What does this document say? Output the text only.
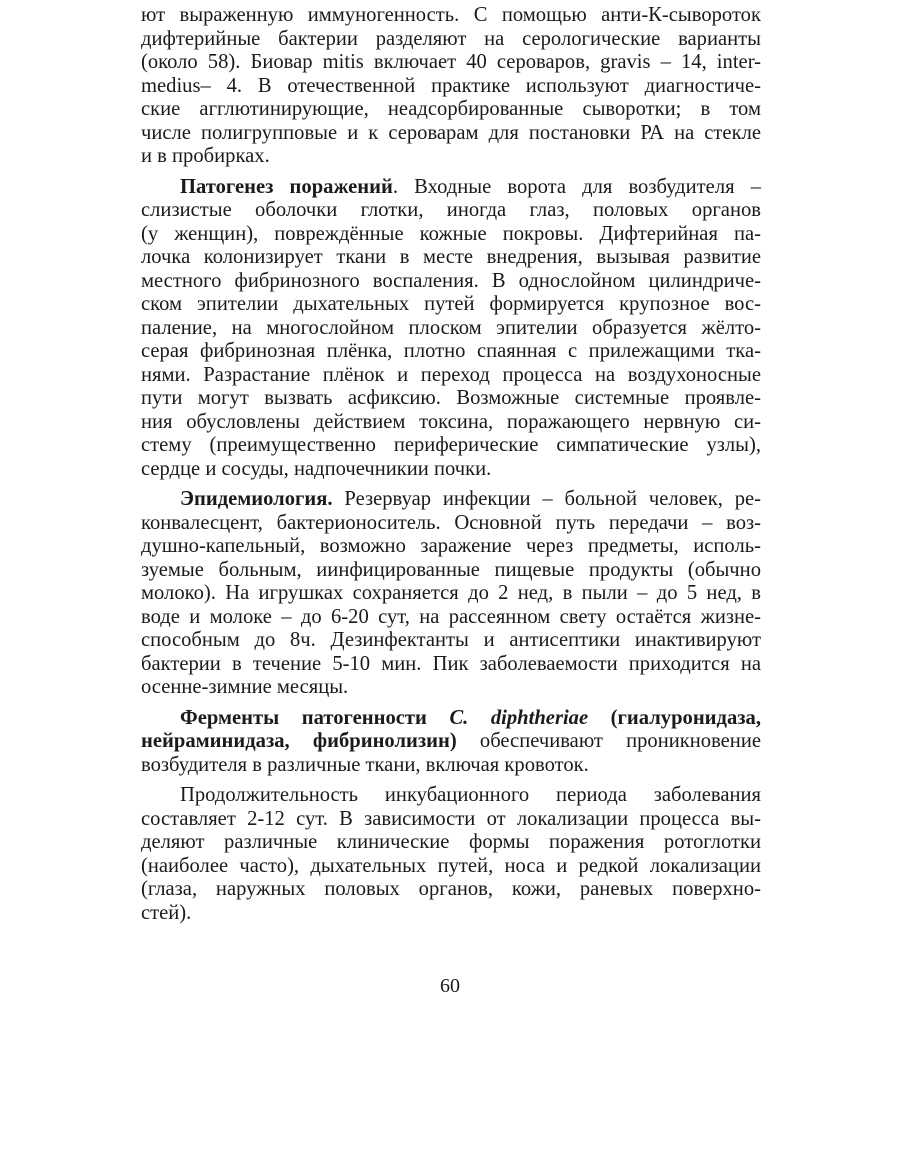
ют выраженную иммуногенность. С помощью анти-К-сывороток
дифтерийные бактерии разделяют на серологические варианты
(около 58). Биовар mitis включает 40 сероваров, gravis – 14, inter-
medius– 4. В отечественной практике используют диагностиче-
ские агглютинирующие, неадсорбированные сыворотки; в том
числе полигрупповые и к сероварам для постановки РА на стекле
и в пробирках.

Патогенез поражений. Входные ворота для возбудителя –
слизистые оболочки глотки, иногда глаз, половых органов
(у женщин), повреждённые кожные покровы. Дифтерийная па-
лочка колонизирует ткани в месте внедрения, вызывая развитие
местного фибринозного воспаления. В однослойном цилиндриче-
ском эпителии дыхательных путей формируется крупозное вос-
паление, на многослойном плоском эпителии образуется жёлто-
серая фибринозная плёнка, плотно спаянная с прилежащими тка-
нями. Разрастание плёнок и переход процесса на воздухоносные
пути могут вызвать асфиксию. Возможные системные проявле-
ния обусловлены действием токсина, поражающего нервную си-
стему (преимущественно периферические симпатические узлы),
сердце и сосуды, надпочечникии почки.

Эпидемиология. Резервуар инфекции – больной человек, ре-
конвалесцент, бактерионоситель. Основной путь передачи – воз-
душно-капельный, возможно заражение через предметы, исполь-
зуемые больным, иинфицированные пищевые продукты (обычно
молоко). На игрушках сохраняется до 2 нед, в пыли – до 5 нед, в
воде и молоке – до 6-20 сут, на рассеянном свету остаётся жизне-
способным до 8ч. Дезинфектанты и антисептики инактивируют
бактерии в течение 5-10 мин. Пик заболеваемости приходится на
осенне-зимние месяцы.

Ферменты патогенности C. diphtheriae (гиалуронидаза,
нейраминидаза, фибринолизин) обеспечивают проникновение
возбудителя в различные ткани, включая кровоток.

Продолжительность инкубационного периода заболевания
составляет 2-12 сут. В зависимости от локализации процесса вы-
деляют различные клинические формы поражения ротоглотки
(наиболее часто), дыхательных путей, носа и редкой локализации
(глаза, наружных половых органов, кожи, раневых поверхно-
стей).

60
